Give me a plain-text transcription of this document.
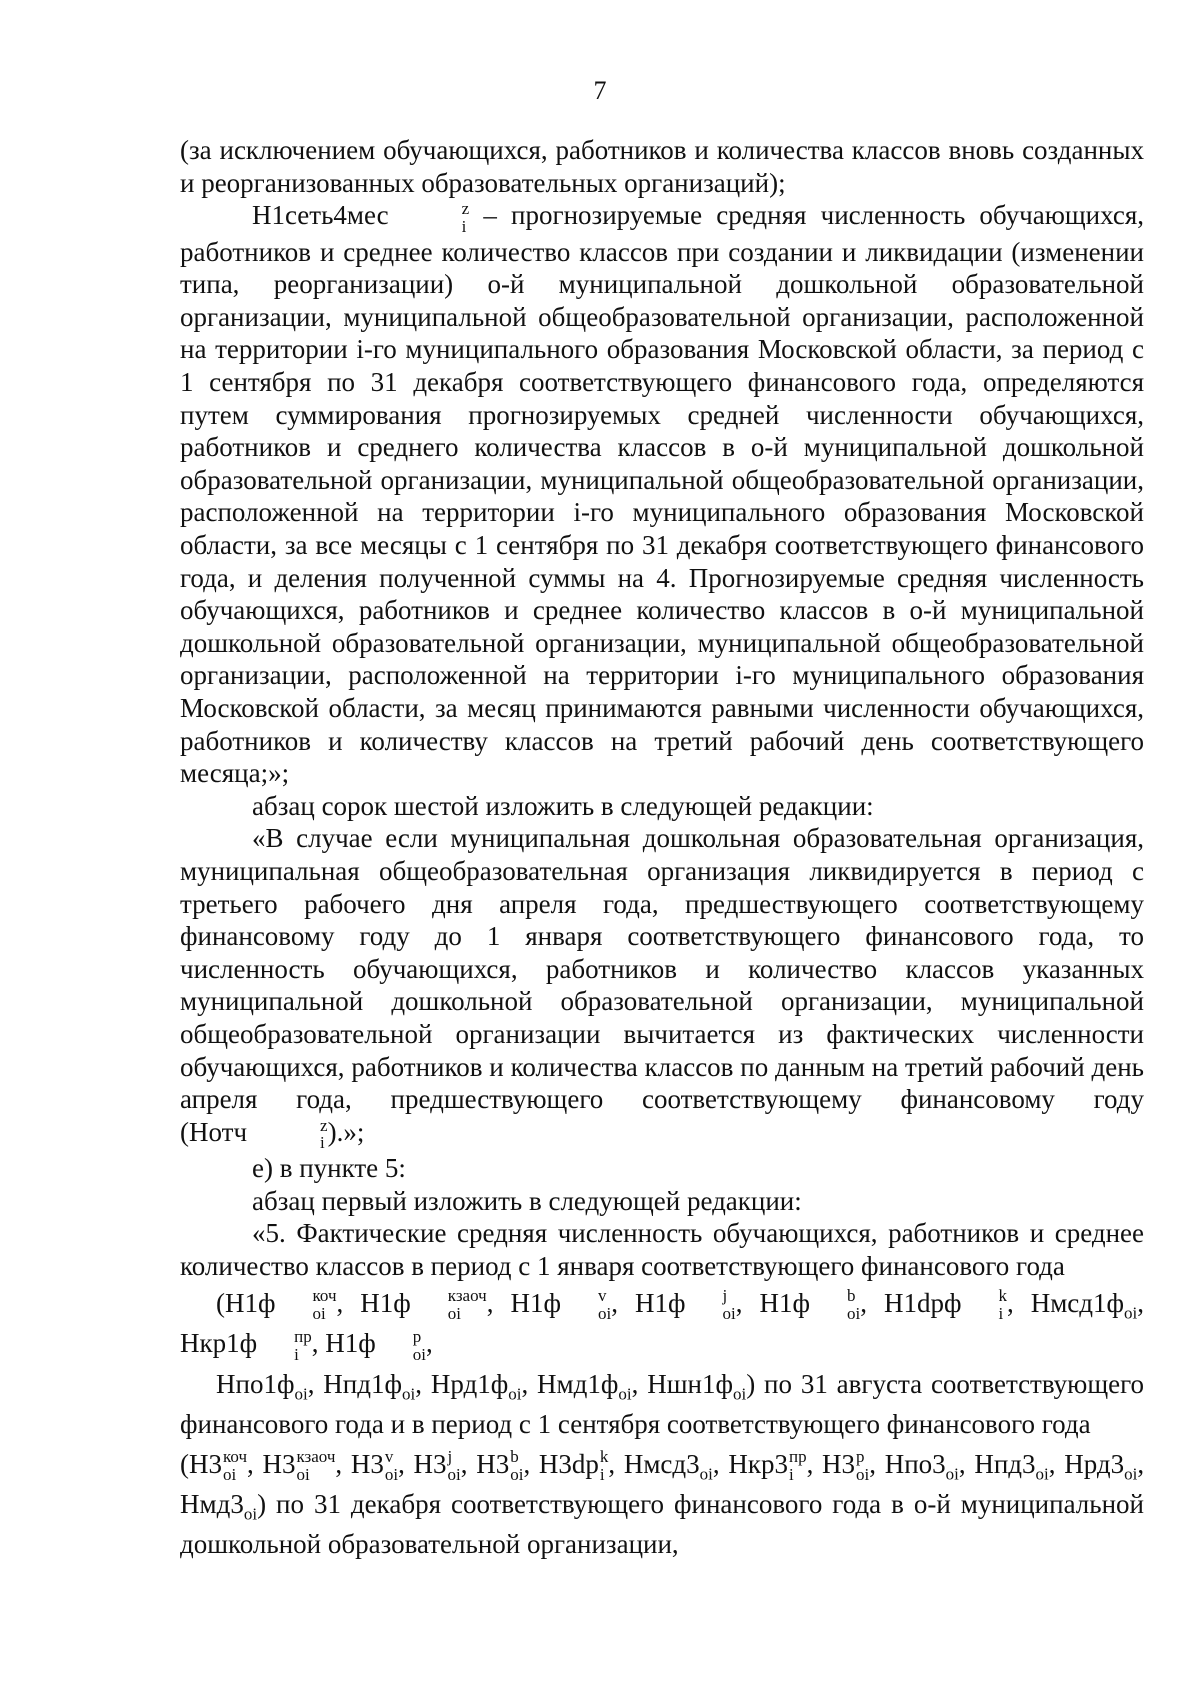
7

(за исключением обучающихся, работников и количества классов вновь созданных и реорганизованных образовательных организаций);

Н1сеть4мес	z
i – прогнозируемые средняя численность обучающихся, работников и среднее количество классов при создании и ликвидации (изменении типа, реорганизации) о-й муниципальной дошкольной образовательной организации, муниципальной общеобразовательной организации, расположенной на территории i-го муниципального образования Московской области, за период с 1 сентября по 31 декабря соответствующего финансового года, определяются путем суммирования прогнозируемых средней численности обучающихся, работников и среднего количества классов в о-й муниципальной дошкольной образовательной организации, муниципальной общеобразовательной организации, расположенной на территории i-го муниципального образования Московской области, за все месяцы с 1 сентября по 31 декабря соответствующего финансового года, и деления полученной суммы на 4. Прогнозируемые средняя численность обучающихся, работников и среднее количество классов в о-й муниципальной дошкольной образовательной организации, муниципальной общеобразовательной организации, расположенной на территории i-го муниципального образования Московской области, за месяц принимаются равными численности обучающихся, работников и количеству классов на третий рабочий день соответствующего месяца;»;

абзац сорок шестой изложить в следующей редакции:

«В случае если муниципальная дошкольная образовательная организация, муниципальная общеобразовательная организация ликвидируется в период с третьего рабочего дня апреля года, предшествующего соответствующему финансовому году до 1 января соответствующего финансового года, то численность обучающихся, работников и количество классов указанных муниципальной дошкольной образовательной организации, муниципальной общеобразовательной организации вычитается из фактических численности обучающихся, работников и количества классов по данным на третий рабочий день апреля года, предшествующего соответствующему финансовому году (Нотч	z
i ).»;

е) в пункте 5:

абзац первый изложить в следующей редакции:

«5. Фактические средняя численность обучающихся, работников и среднее количество классов в период с 1 января соответствующего финансового года

(Н1ф	коч
oi , Н1ф	кзаоч
oi , Н1ф	v
oi , Н1ф	j
oi , Н1ф	b
oi , Н1dрф	k
i , $Нмсд1ф_{oi}$, Нкр1ф	пр
i , Н1ф	р
oi ,

$Нпо1ф_{oi}$, $Нпд1ф_{oi}$, $Нрд1ф_{oi}$, $Нмд1ф_{oi}$, $Ншн1ф_{oi}$) по 31 августа соответствующего финансового года и в период с 1 сентября соответствующего финансового года

(Н3 коч
oi , Н3 кзаоч
oi , Н3 v
oi , Н3 j
oi , Н3 b
oi , Н3dр k
i , $Нмсд3_{oi}$, Нкр3 пр
i , Н3 р
oi , $Нпо3_{oi}$, $Нпд3_{oi}$, $Нрд3_{oi}$, $Нмд3_{oi}$) по 31 декабря соответствующего финансового года в о-й муниципальной дошкольной образовательной организации,
